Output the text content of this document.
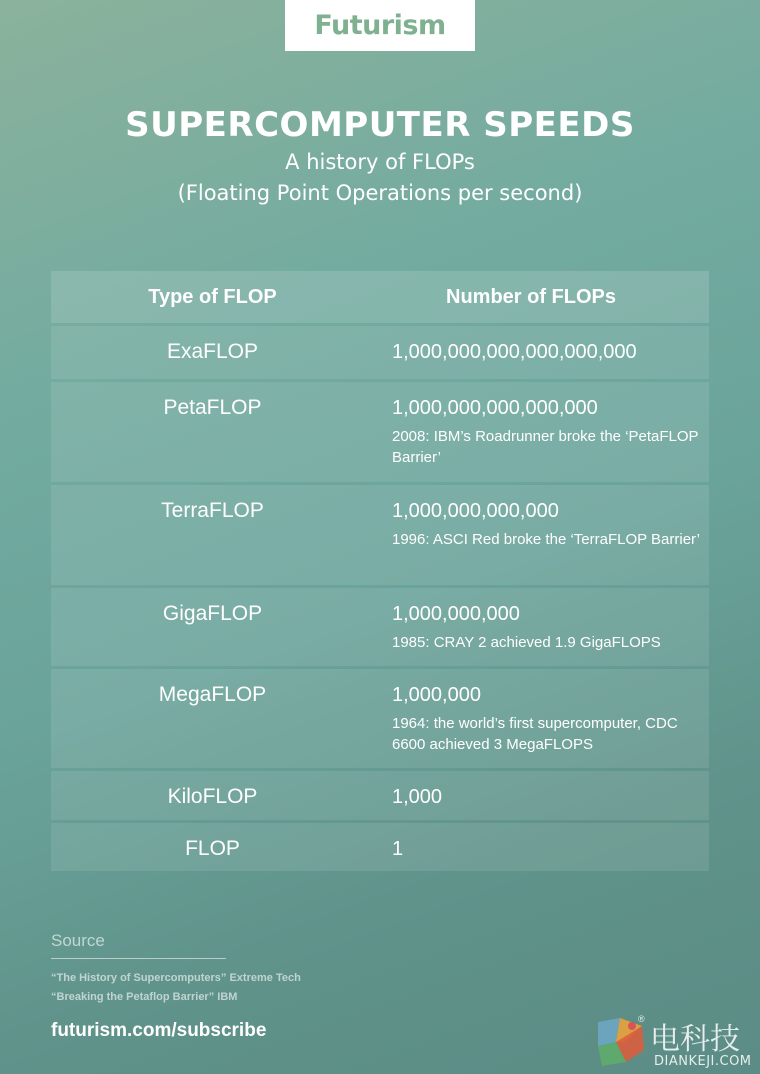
Futurism
SUPERCOMPUTER SPEEDS
A history of FLOPs
(Floating Point Operations per second)
Type of FLOP	Number of FLOPs
ExaFLOP	1,000,000,000,000,000,000
PetaFLOP	1,000,000,000,000,000
2008: IBM’s Roadrunner broke the ‘PetaFLOP Barrier’
TerraFLOP	1,000,000,000,000
1996: ASCI Red broke the ‘TerraFLOP Barrier’
GigaFLOP	1,000,000,000
1985: CRAY 2 achieved 1.9 GigaFLOPS
MegaFLOP	1,000,000
1964: the world’s first supercomputer, CDC 6600 achieved 3 MegaFLOPS
KiloFLOP	1,000
FLOP	1
Source
“The History of Supercomputers” Extreme Tech
“Breaking the Petaflop Barrier” IBM
futurism.com/subscribe
®
电科技
DIANKEJI.COM
